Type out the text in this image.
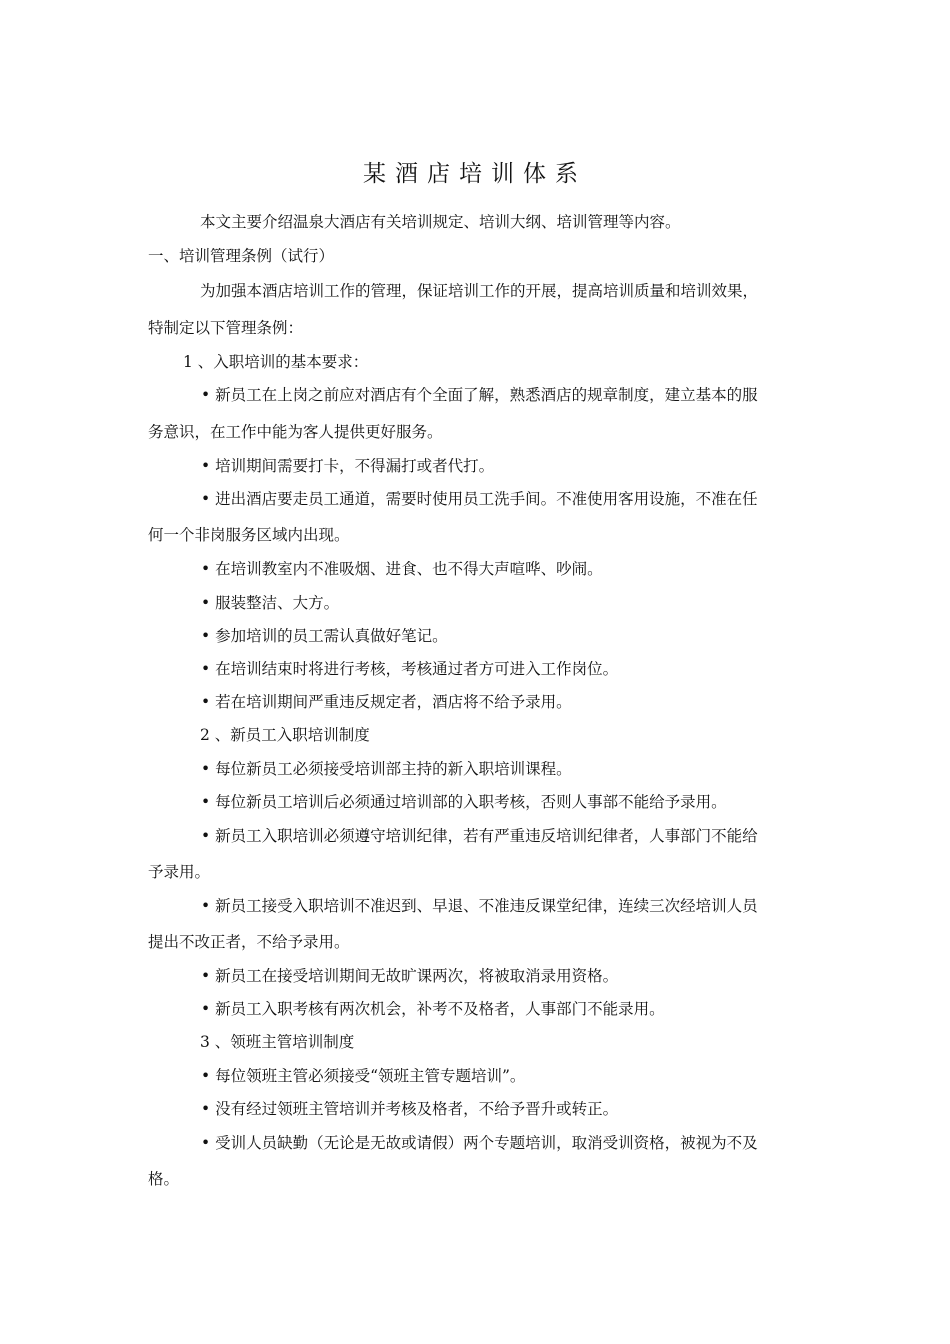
某酒店培训体系
本文主要介绍温泉大酒店有关培训规定、培训大纲、培训管理等内容。
一、培训管理条例（试行）
为加强本酒店培训工作的管理，保证培训工作的开展，提高培训质量和培训效果，
特制定以下管理条例：
1 、入职培训的基本要求：
• 新员工在上岗之前应对酒店有个全面了解，熟悉酒店的规章制度，建立基本的服
务意识，在工作中能为客人提供更好服务。
• 培训期间需要打卡，不得漏打或者代打。
• 进出酒店要走员工通道，需要时使用员工洗手间。不准使用客用设施，不准在任
何一个非岗服务区域内出现。
• 在培训教室内不准吸烟、进食、也不得大声喧哗、吵闹。
• 服装整洁、大方。
• 参加培训的员工需认真做好笔记。
• 在培训结束时将进行考核，考核通过者方可进入工作岗位。
• 若在培训期间严重违反规定者，酒店将不给予录用。
2 、新员工入职培训制度
• 每位新员工必须接受培训部主持的新入职培训课程。
• 每位新员工培训后必须通过培训部的入职考核，否则人事部不能给予录用。
• 新员工入职培训必须遵守培训纪律，若有严重违反培训纪律者，人事部门不能给
予录用。
• 新员工接受入职培训不准迟到、早退、不准违反课堂纪律，连续三次经培训人员
提出不改正者，不给予录用。
• 新员工在接受培训期间无故旷课两次，将被取消录用资格。
• 新员工入职考核有两次机会，补考不及格者，人事部门不能录用。
3 、领班主管培训制度
• 每位领班主管必须接受“领班主管专题培训”。
• 没有经过领班主管培训并考核及格者，不给予晋升或转正。
• 受训人员缺勤（无论是无故或请假）两个专题培训，取消受训资格，被视为不及
格。
